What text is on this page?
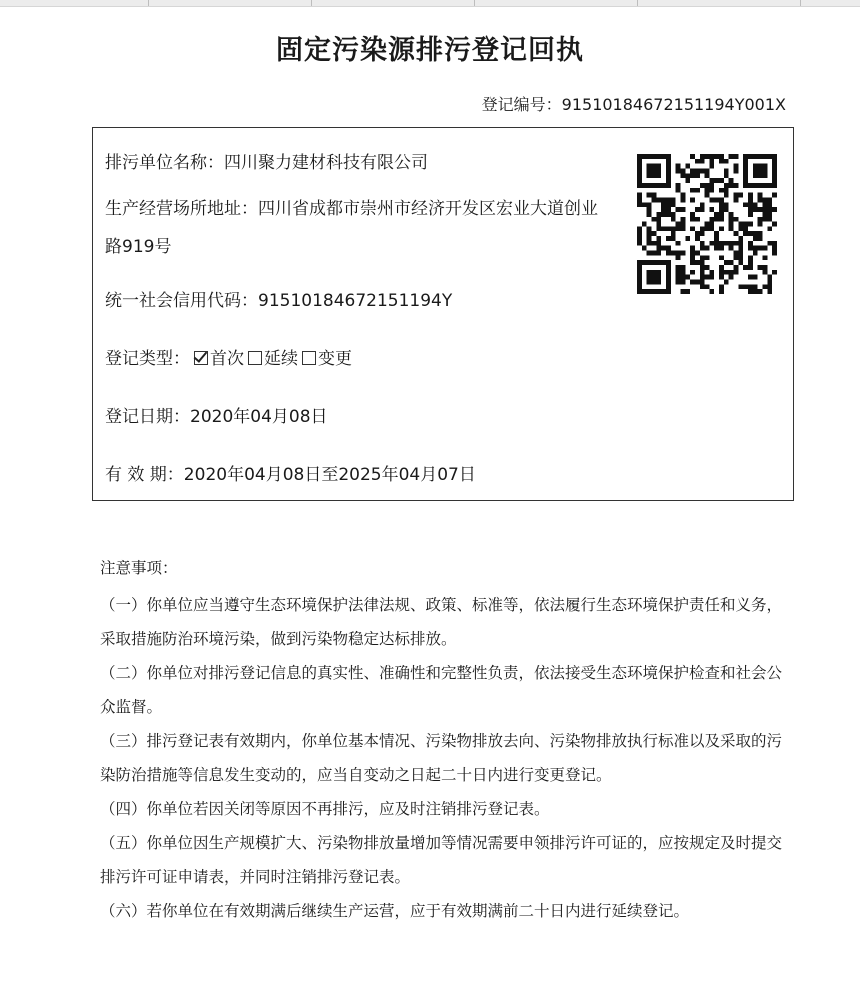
固定污染源排污登记回执
登记编号：91510184672151194Y001X
排污单位名称：四川聚力建材科技有限公司
生产经营场所地址：四川省成都市崇州市经济开发区宏业大道创业路919号
统一社会信用代码：91510184672151194Y
登记类型： 首次 延续 变更
登记日期：2020年04月08日
有 效 期：2020年04月08日至2025年04月07日
注意事项：

（一）你单位应当遵守生态环境保护法律法规、政策、标准等，依法履行生态环境保护责任和义务，采取措施防治环境污染，做到污染物稳定达标排放。

（二）你单位对排污登记信息的真实性、准确性和完整性负责，依法接受生态环境保护检查和社会公众监督。

（三）排污登记表有效期内，你单位基本情况、污染物排放去向、污染物排放执行标准以及采取的污染防治措施等信息发生变动的，应当自变动之日起二十日内进行变更登记。

（四）你单位若因关闭等原因不再排污，应及时注销排污登记表。

（五）你单位因生产规模扩大、污染物排放量增加等情况需要申领排污许可证的，应按规定及时提交排污许可证申请表，并同时注销排污登记表。

（六）若你单位在有效期满后继续生产运营，应于有效期满前二十日内进行延续登记。
